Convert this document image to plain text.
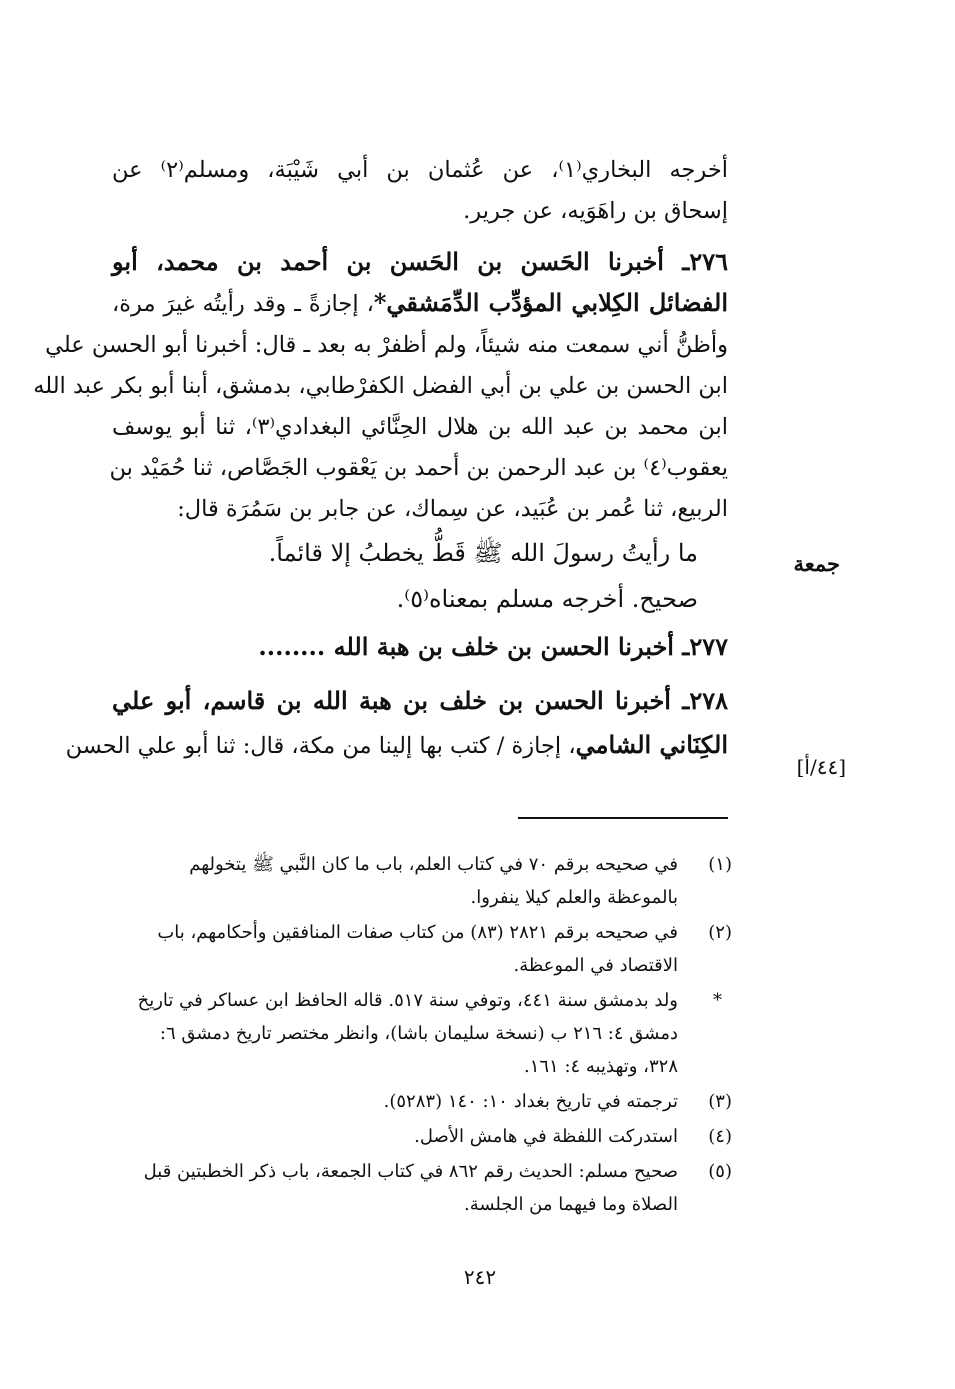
أخرجه البخاري⁽١⁾، عن عُثمان بن أبي شَيْبَة، ومسلم⁽٢⁾ عن
إسحاق بن راهَوَيه، عن جرير.
٢٧٦ـ أخبرنا الحَسن بن الحَسن بن أحمد بن محمد، أبو
الفضائل الكِلابي المؤدِّب الدِّمَشقي*، إجازةً ـ وقد رأيتُه غيرَ مرة،
وأظنُّ أني سمعت منه شيئاً، ولم أظفرْ به بعد ـ قال: أخبرنا أبو الحسن علي
ابن الحسن بن علي بن أبي الفضل الكفرْطابي، بدمشق، أبنا أبو بكر عبد الله
ابن محمد بن عبد الله بن هلال الحِنَّائي البغدادي⁽٣⁾، ثنا أبو يوسف
يعقوب⁽٤⁾ بن عبد الرحمن بن أحمد بن يَعْقوب الجَصَّاص، ثنا حُمَيْد بن
الربيع، ثنا عُمر بن عُبَيد، عن سِماك، عن جابر بن سَمُرَة قال:
ما رأيتُ رسولَ الله ﷺ قَطُّ يخطبُ إلا قائماً.
صحيح. أخرجه مسلم بمعناه⁽٥⁾.
٢٧٧ـ أخبرنا الحسن بن خلف بن هبة الله ........
٢٧٨ـ أخبرنا الحسن بن خلف بن هبة الله بن قاسم، أبو علي
الكِنَاني الشامي، إجازة / كتب بها إلينا من مكة، قال: ثنا أبو علي الحسن
جمعة
[٤٤/أ]
(١)
في صحيحه برقم ٧٠ في كتاب العلم، باب ما كان النَّبي ﷺ يتخولهم
بالموعظة والعلم كيلا ينفروا.
(٢)
في صحيحه برقم ٢٨٢١ (٨٣) من كتاب صفات المنافقين وأحكامهم، باب
الاقتصاد في الموعظة.
*
ولد بدمشق سنة ٤٤١، وتوفي سنة ٥١٧. قاله الحافظ ابن عساكر في تاريخ
دمشق ٤: ٢١٦ ب (نسخة سليمان باشا)، وانظر مختصر تاريخ دمشق ٦:
٣٢٨، وتهذيبه ٤: ١٦١.
(٣)
ترجمته في تاريخ بغداد ١٠: ١٤٠ (٥٢٨٣).
(٤)
استدركت اللفظة في هامش الأصل.
(٥)
صحيح مسلم: الحديث رقم ٨٦٢ في كتاب الجمعة، باب ذكر الخطبتين قبل
الصلاة وما فيهما من الجلسة.
٢٤٢
